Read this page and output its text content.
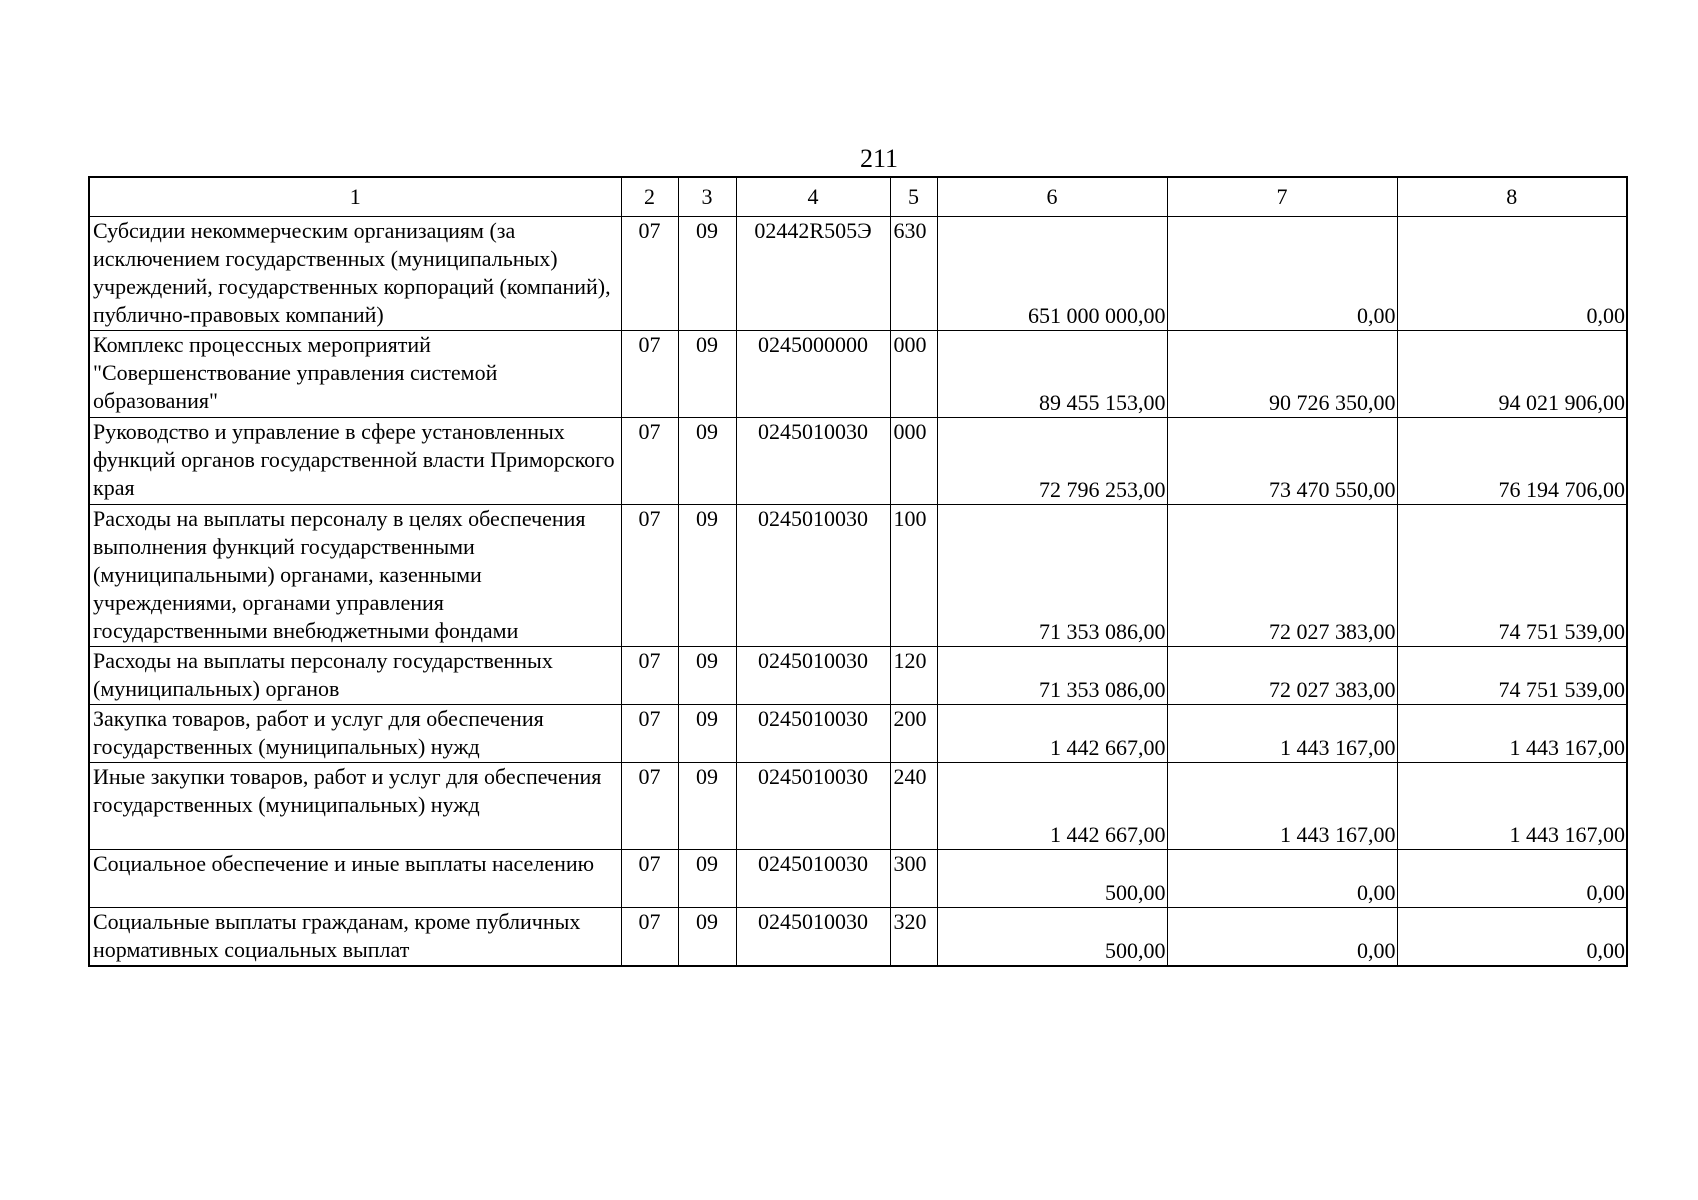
211
1	2	3	4	5	6	7	8
Субсидии некоммерческим организациям (за исключением государственных (муниципальных) учреждений, государственных корпораций (компаний), публично-правовых компаний)	07	09	02442R505Э	630	651 000 000,00	0,00	0,00
Комплекс процессных мероприятий "Совершенствование управления системой образования"	07	09	0245000000	000	89 455 153,00	90 726 350,00	94 021 906,00
Руководство и управление в сфере установленных функций органов государственной власти Приморского края	07	09	0245010030	000	72 796 253,00	73 470 550,00	76 194 706,00
Расходы на выплаты персоналу в целях обеспечения выполнения функций государственными (муниципальными) органами, казенными учреждениями, органами управления государственными внебюджетными фондами	07	09	0245010030	100	71 353 086,00	72 027 383,00	74 751 539,00
Расходы на выплаты персоналу государственных (муниципальных) органов	07	09	0245010030	120	71 353 086,00	72 027 383,00	74 751 539,00
Закупка товаров, работ и услуг для обеспечения государственных (муниципальных) нужд	07	09	0245010030	200	1 442 667,00	1 443 167,00	1 443 167,00
Иные закупки товаров, работ и услуг для обеспечения государственных (муниципальных) нужд	07	09	0245010030	240	1 442 667,00	1 443 167,00	1 443 167,00
Социальное обеспечение и иные выплаты населению	07	09	0245010030	300	500,00	0,00	0,00
Социальные выплаты гражданам, кроме публичных нормативных социальных выплат	07	09	0245010030	320	500,00	0,00	0,00
